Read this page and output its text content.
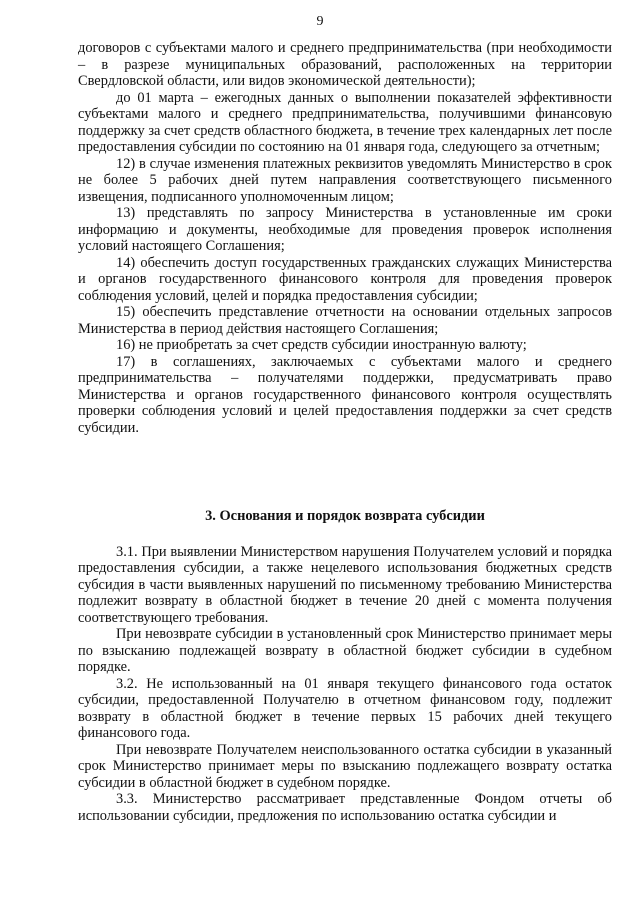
9

договоров с субъектами малого и среднего предпринимательства (при необходимости – в разрезе муниципальных образований, расположенных на территории Свердловской области, или видов экономической деятельности);

до 01 марта – ежегодных данных о выполнении показателей эффективности субъектами малого и среднего предпринимательства, получившими финансовую поддержку за счет средств областного бюджета, в течение трех календарных лет после предоставления субсидии по состоянию на 01 января года, следующего за отчетным;

12) в случае изменения платежных реквизитов уведомлять Министерство в срок не более 5 рабочих дней путем направления соответствующего письменного извещения, подписанного уполномоченным лицом;

13) представлять по запросу Министерства в установленные им сроки информацию и документы, необходимые для проведения проверок исполнения условий настоящего Соглашения;

14) обеспечить доступ государственных гражданских служащих Министерства и органов государственного финансового контроля для проведения проверок соблюдения условий, целей и порядка предоставления субсидии;

15) обеспечить представление отчетности на основании отдельных запросов Министерства в период действия настоящего Соглашения;

16) не приобретать за счет средств субсидии иностранную валюту;

17) в соглашениях, заключаемых с субъектами малого и среднего предпринимательства – получателями поддержки, предусматривать право Министерства и органов государственного финансового контроля осуществлять проверки соблюдения условий и целей предоставления поддержки за счет средств субсидии.

3. Основания и порядок возврата субсидии

3.1. При выявлении Министерством нарушения Получателем условий и порядка предоставления субсидии, а также нецелевого использования бюджетных средств субсидия в части выявленных нарушений по письменному требованию Министерства подлежит возврату в областной бюджет в течение 20 дней с момента получения соответствующего требования.

При невозврате субсидии в установленный срок Министерство принимает меры по взысканию подлежащей возврату в областной бюджет субсидии в судебном порядке.

3.2. Не использованный на 01 января текущего финансового года остаток субсидии, предоставленной Получателю в отчетном финансовом году, подлежит возврату в областной бюджет в течение первых 15 рабочих дней текущего финансового года.

При невозврате Получателем неиспользованного остатка субсидии в указанный срок Министерство принимает меры по взысканию подлежащего возврату остатка субсидии в областной бюджет в судебном порядке.

3.3. Министерство рассматривает представленные Фондом отчеты об использовании субсидии, предложения по использованию остатка субсидии и
